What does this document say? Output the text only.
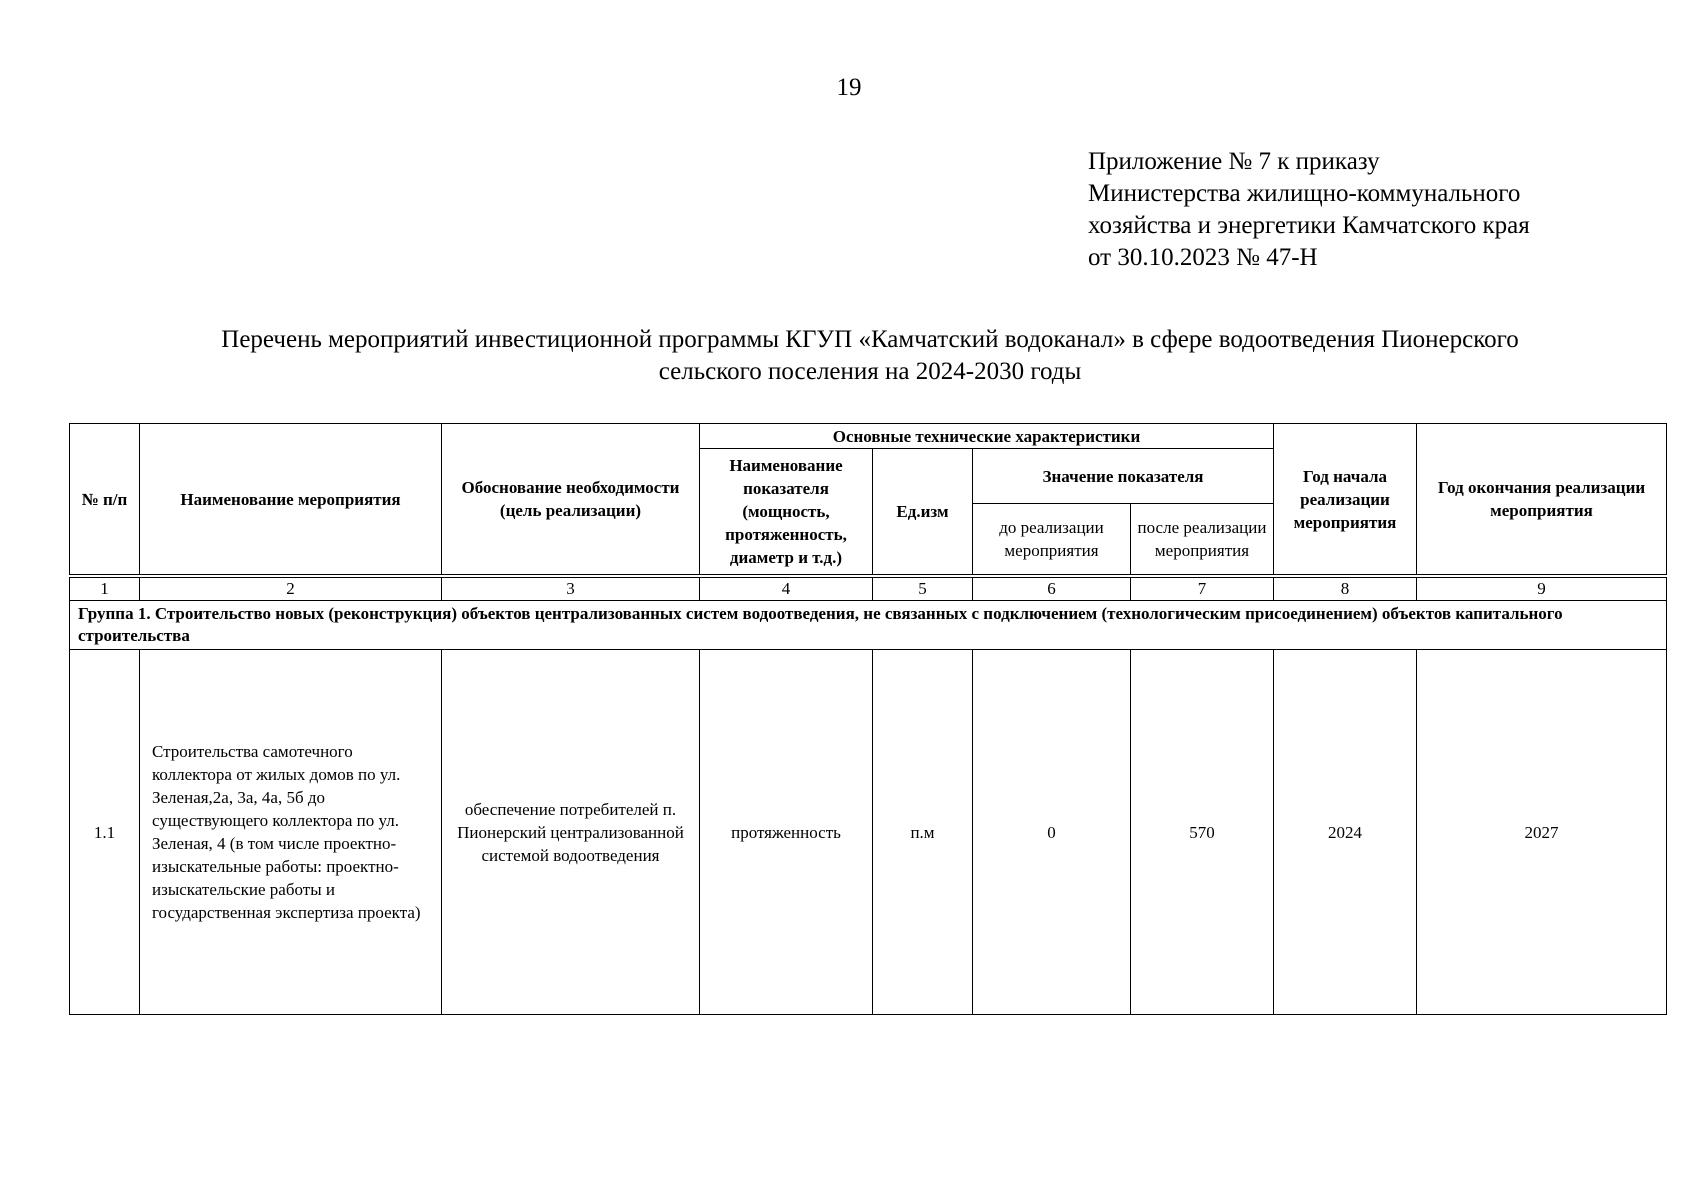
19
Приложение № 7 к приказу
Министерства жилищно-коммунального
хозяйства и энергетики Камчатского края
от 30.10.2023 № 47-Н
Перечень мероприятий инвестиционной программы КГУП «Камчатский водоканал» в сфере водоотведения Пионерского
сельского поселения на 2024-2030 годы
№ п/п	Наименование мероприятия	Обоснование необходимости (цель реализации)	Основные технические характеристики				Год начала реализации мероприятия	Год окончания реализации мероприятия
			Наименование показателя (мощность, протяженность, диаметр и т.д.)	Ед.изм	Значение показателя			
					до реализации мероприятия	после реализации мероприятия		

1	2	3	4	5	6	7	8	9
Группа 1. Строительство новых (реконструкция) объектов централизованных систем водоотведения, не связанных с подключением (технологическим присоединением) объектов капитального строительства								
1.1	Строительства самотечного коллектора от жилых домов по ул. Зеленая,2а, 3а, 4а, 5б до существующего коллектора по ул. Зеленая, 4 (в том числе проектно-изыскательные работы: проектно-изыскательские работы и государственная экспертиза проекта)	обеспечение потребителей п. Пионерский централизованной системой водоотведения	протяженность	п.м	0	570	2024	2027
